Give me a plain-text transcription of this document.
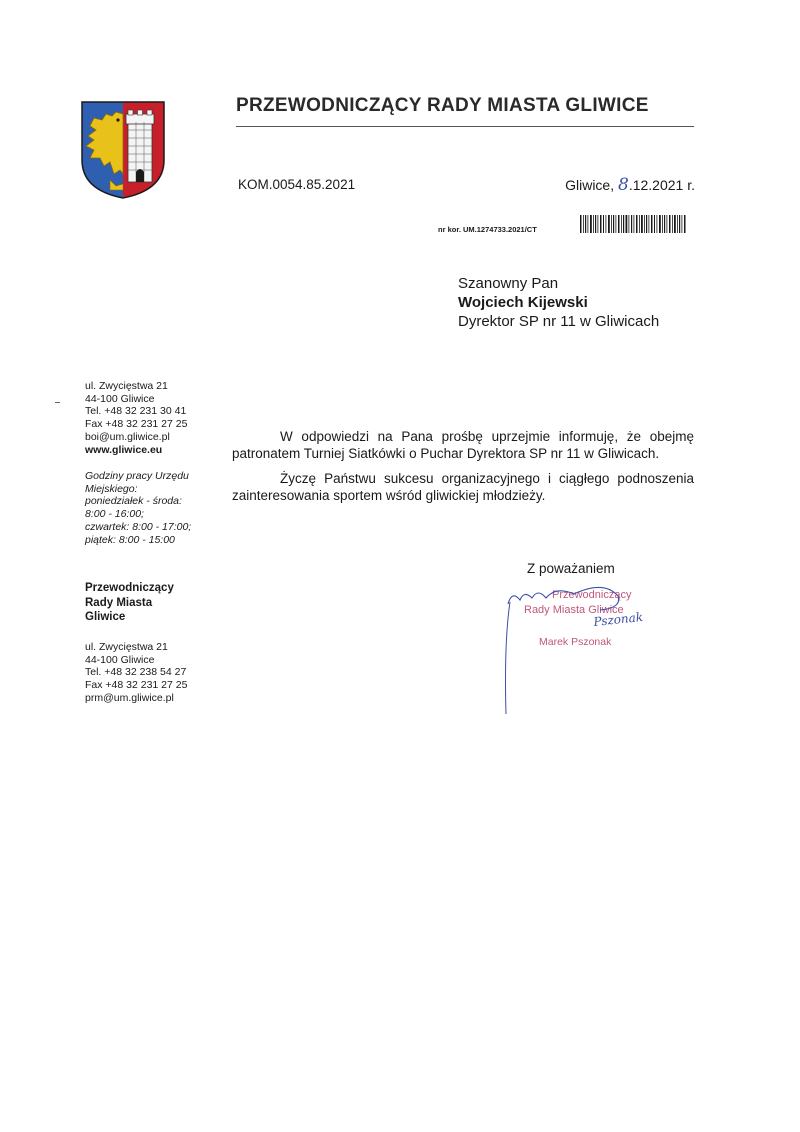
PRZEWODNICZĄCY RADY MIASTA GLIWICE
KOM.0054.85.2021	Gliwice, 8.12.2021 r.
nr kor. UM.1274733.2021/CT
Szanowny Pan
Wojciech Kijewski
Dyrektor SP nr 11 w Gliwicach
ul. Zwycięstwa 21
44-100 Gliwice
Tel. +48 32 231 30 41
Fax +48 32 231 27 25
boi@um.gliwice.pl
www.gliwice.eu
Godziny pracy Urzędu Miejskiego:
poniedziałek - środa:
8:00 - 16:00;
czwartek: 8:00 - 17:00;
piątek: 8:00 - 15:00
Przewodniczący
Rady Miasta
Gliwice
ul. Zwycięstwa 21
44-100 Gliwice
Tel. +48 32 238 54 27
Fax +48 32 231 27 25
prm@um.gliwice.pl

W odpowiedzi na Pana prośbę uprzejmie informuję, że obejmę patronatem Turniej Siatkówki o Puchar Dyrektora SP nr 11 w Gliwicach.

Życzę Państwu sukcesu organizacyjnego i ciągłego podnoszenia zainteresowania sportem wśród gliwickiej młodzieży.

Z poważaniem
Przewodniczący
Rady Miasta Gliwice
Marek Pszonak
Pszonak
